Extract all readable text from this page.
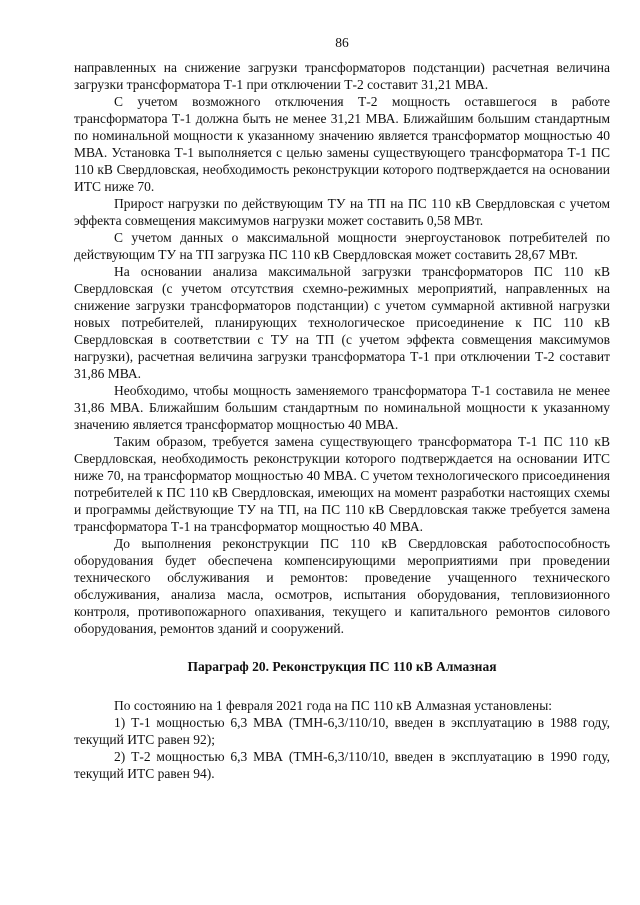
86

направленных на снижение загрузки трансформаторов подстанции) расчетная величина загрузки трансформатора Т-1 при отключении Т-2 составит 31,21 МВА.

С учетом возможного отключения Т-2 мощность оставшегося в работе трансформатора Т-1 должна быть не менее 31,21 МВА. Ближайшим большим стандартным по номинальной мощности к указанному значению является трансформатор мощностью 40 МВА. Установка Т-1 выполняется с целью замены существующего трансформатора Т-1 ПС 110 кВ Свердловская, необходимость реконструкции которого подтверждается на основании ИТС ниже 70.

Прирост нагрузки по действующим ТУ на ТП на ПС 110 кВ Свердловская с учетом эффекта совмещения максимумов нагрузки может составить 0,58 МВт.

С учетом данных о максимальной мощности энергоустановок потребителей по действующим ТУ на ТП загрузка ПС 110 кВ Свердловская может составить 28,67 МВт.

На основании анализа максимальной загрузки трансформаторов ПС 110 кВ Свердловская (с учетом отсутствия схемно-режимных мероприятий, направленных на снижение загрузки трансформаторов подстанции) с учетом суммарной активной нагрузки новых потребителей, планирующих технологическое присоединение к ПС 110 кВ Свердловская в соответствии с ТУ на ТП (с учетом эффекта совмещения максимумов нагрузки), расчетная величина загрузки трансформатора Т-1 при отключении Т-2 составит 31,86 МВА.

Необходимо, чтобы мощность заменяемого трансформатора Т-1 составила не менее 31,86 МВА. Ближайшим большим стандартным по номинальной мощности к указанному значению является трансформатор мощностью 40 МВА.

Таким образом, требуется замена существующего трансформатора Т-1 ПС 110 кВ Свердловская, необходимость реконструкции которого подтверждается на основании ИТС ниже 70, на трансформатор мощностью 40 МВА. С учетом технологического присоединения потребителей к ПС 110 кВ Свердловская, имеющих на момент разработки настоящих схемы и программы действующие ТУ на ТП, на ПС 110 кВ Свердловская также требуется замена трансформатора Т-1 на трансформатор мощностью 40 МВА.

До выполнения реконструкции ПС 110 кВ Свердловская работоспособность оборудования будет обеспечена компенсирующими мероприятиями при проведении технического обслуживания и ремонтов: проведение учащенного технического обслуживания, анализа масла, осмотров, испытания оборудования, тепловизионного контроля, противопожарного опахивания, текущего и капитального ремонтов силового оборудования, ремонтов зданий и сооружений.

Параграф 20. Реконструкция ПС 110 кВ Алмазная

По состоянию на 1 февраля 2021 года на ПС 110 кВ Алмазная установлены:

1) Т-1 мощностью 6,3 МВА (ТМН-6,3/110/10, введен в эксплуатацию в 1988 году, текущий ИТС равен 92);

2) Т-2 мощностью 6,3 МВА (ТМН-6,3/110/10, введен в эксплуатацию в 1990 году, текущий ИТС равен 94).
